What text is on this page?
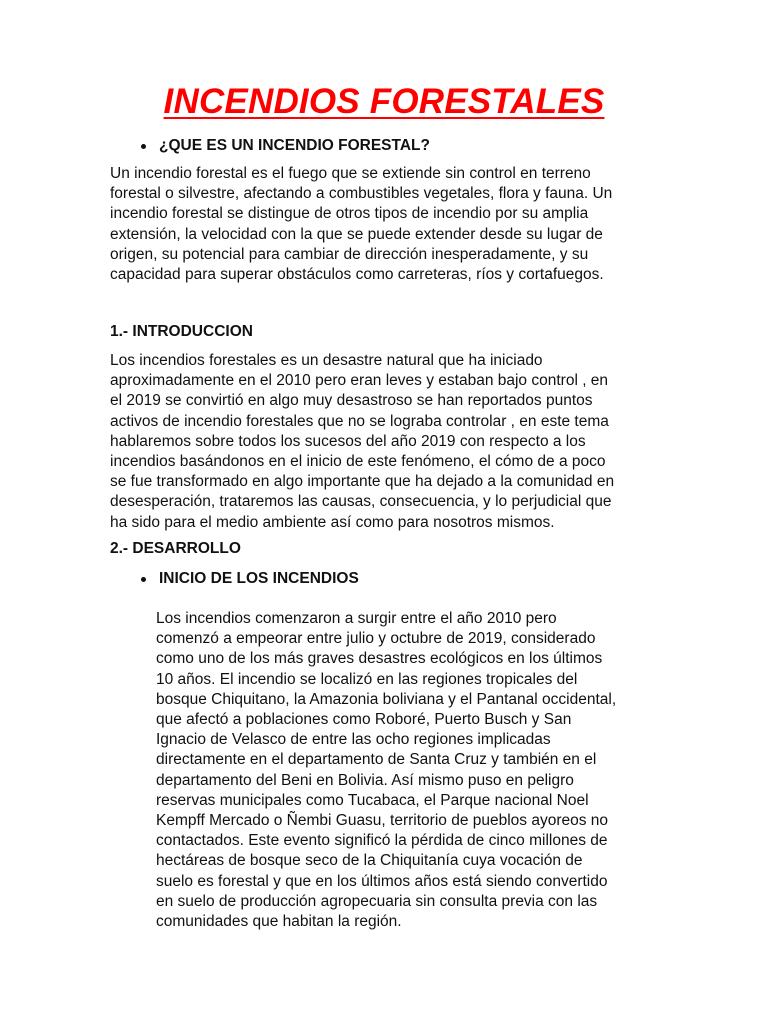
INCENDIOS FORESTALES
¿QUE ES UN INCENDIO FORESTAL?

Un incendio forestal es el fuego que se extiende sin control en terreno
forestal o silvestre, afectando a combustibles vegetales, flora y fauna. Un
incendio forestal se distingue de otros tipos de incendio por su amplia
extensión, la velocidad con la que se puede extender desde su lugar de
origen, su potencial para cambiar de dirección inesperadamente, y su
capacidad para superar obstáculos como carreteras, ríos y cortafuegos.

1.- INTRODUCCION

Los incendios forestales es un desastre natural que ha iniciado
aproximadamente en el 2010 pero eran leves y estaban bajo control , en
el 2019 se convirtió en algo muy desastroso se han reportados puntos
activos de incendio forestales que no se lograba controlar , en este tema
hablaremos sobre todos los sucesos del año 2019 con respecto a los
incendios basándonos en el inicio de este fenómeno, el cómo de a poco
se fue transformado en algo importante que ha dejado a la comunidad en
desesperación, trataremos las causas, consecuencia, y lo perjudicial que
ha sido para el medio ambiente así como para nosotros mismos.

2.- DESARROLLO
INICIO DE LOS INCENDIOS

Los incendios comenzaron a surgir entre el año 2010 pero
comenzó a empeorar entre julio y octubre de 2019, considerado
como uno de los más graves desastres ecológicos en los últimos
10 años. El incendio se localizó en las regiones tropicales del
bosque Chiquitano, la Amazonia boliviana y el Pantanal occidental,
que afectó a poblaciones como Roboré, Puerto Busch y San
Ignacio de Velasco de entre las ocho regiones implicadas
directamente en el departamento de Santa Cruz y también en el
departamento del Beni en Bolivia. Así mismo puso en peligro
reservas municipales como Tucabaca, el Parque nacional Noel
Kempff Mercado o Ñembi Guasu, territorio de pueblos ayoreos no
contactados. Este evento significó la pérdida de cinco millones de
hectáreas de bosque seco de la Chiquitanía cuya vocación de
suelo es forestal y que en los últimos años está siendo convertido
en suelo de producción agropecuaria sin consulta previa con las
comunidades que habitan la región.
